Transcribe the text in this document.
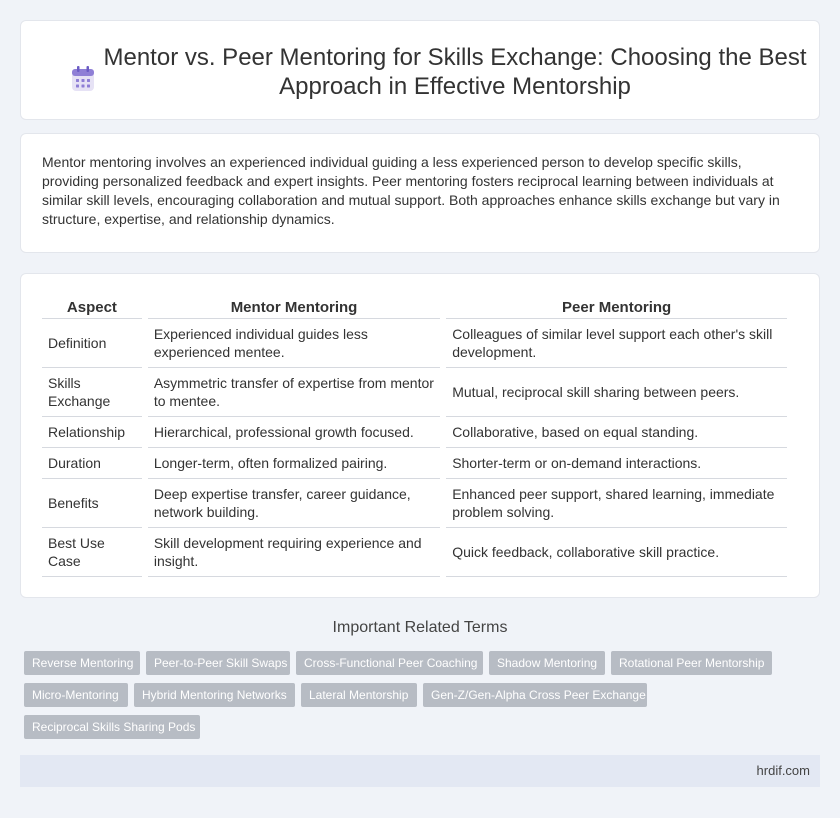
Mentor vs. Peer Mentoring for Skills Exchange: Choosing the Best Approach in Effective Mentorship

Mentor mentoring involves an experienced individual guiding a less experienced person to develop specific skills, providing personalized feedback and expert insights. Peer mentoring fosters reciprocal learning between individuals at similar skill levels, encouraging collaboration and mutual support. Both approaches enhance skills exchange but vary in structure, expertise, and relationship dynamics.

Aspect	Mentor Mentoring	Peer Mentoring
Definition	Experienced individual guides less experienced mentee.	Colleagues of similar level support each other's skill development.
Skills Exchange	Asymmetric transfer of expertise from mentor to mentee.	Mutual, reciprocal skill sharing between peers.
Relationship	Hierarchical, professional growth focused.	Collaborative, based on equal standing.
Duration	Longer-term, often formalized pairing.	Shorter-term or on-demand interactions.
Benefits	Deep expertise transfer, career guidance, network building.	Enhanced peer support, shared learning, immediate problem solving.
Best Use Case	Skill development requiring experience and insight.	Quick feedback, collaborative skill practice.
Important Related Terms
Reverse Mentoring	Peer-to-Peer Skill Swaps	Cross-Functional Peer Coaching	Shadow Mentoring	Rotational Peer Mentorship
Micro-Mentoring	Hybrid Mentoring Networks	Lateral Mentorship	Gen-Z/Gen-Alpha Cross Peer Exchange
Reciprocal Skills Sharing Pods
hrdif.com
